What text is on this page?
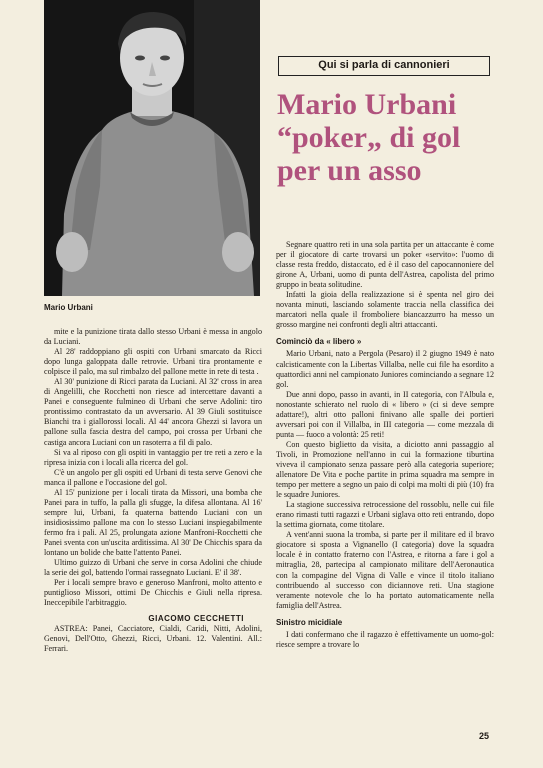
Mario Urbani

mite e la punizione tirata dallo stesso Urbani è messa in angolo da Luciani.

Al 28' raddoppiano gli ospiti con Urbani smarcato da Ricci dopo lunga galoppata dalle retrovie. Urbani tira prontamente e colpisce il palo, ma sul rimbalzo del pallone mette in rete di testa .

Al 30' punizione di Ricci parata da Luciani. Al 32' cross in area di Angelilli, che Rocchetti non riesce ad intercettare davanti a Panei e conseguente fulmineo di Urbani che serve Adolini: tiro prontissimo contrastato da un avversario. Al 39 Giuli sostituisce Bianchi tra i giallorossi locali. Al 44' ancora Ghezzi si lavora un pallone sulla fascia destra del campo, poi crossa per Urbani che castiga ancora Luciani con un rasoterra a fil di palo.

Si va al riposo con gli ospiti in vantaggio per tre reti a zero e la ripresa inizia con i locali alla ricerca del gol.

C'è un angolo per gli ospiti ed Urbani di testa serve Genovi che manca il pallone e l'occasione del gol.

Al 15' punizione per i locali tirata da Missori, una bomba che Panei para in tuffo, la palla gli sfugge, la difesa allontana. Al 16' sempre lui, Urbani, fa quaterna battendo Luciani con un insidiosissimo pallone ma con lo stesso Luciani inspiegabilmente fermo fra i pali. Al 25, prolungata azione Manfroni-Rocchetti che Panei sventa con un'uscita arditissima. Al 30' De Chicchis spara da lontano un bolide che batte l'attento Panei.

Ultimo guizzo di Urbani che serve in corsa Adolini che chiude la serie dei gol, battendo l'ormai rassegnato Luciani. E' il 38'.

Per i locali sempre bravo e generoso Manfroni, molto attento e puntiglioso Missori, ottimi De Chicchis e Giuli nella ripresa. Ineccepibile l'arbitraggio.

GIACOMO CECCHETTI

ASTREA: Panei, Cacciatore, Cialdi, Caridi, Nitti, Adolini, Genovi, Dell'Otto, Ghezzi, Ricci, Urbani. 12. Valentini. All.: Ferrari.

Qui si parla di cannonieri
Mario Urbani
“poker„ di gol
per un asso

Segnare quattro reti in una sola partita per un attaccante è come per il giocatore di carte trovarsi un poker «servito»: l'uomo di classe resta freddo, distaccato, ed è il caso del capocannoniere del girone A, Urbani, uomo di punta dell'Astrea, capolista del primo gruppo in beata solitudine.

Infatti la gioia della realizzazione si è spenta nel giro dei novanta minuti, lasciando solamente traccia nella classifica dei marcatori nella quale il fromboliere biancazzurro ha messo un grosso margine nei confronti degli altri attaccanti.

Cominciò da « libero »

Mario Urbani, nato a Pergola (Pesaro) il 2 giugno 1949 è nato calcisticamente con la Libertas Villalba, nelle cui file ha esordito a quattordici anni nel campionato Juniores cominciando a segnare 12 gol.

Due anni dopo, passo in avanti, in II categoria, con l'Albula e, nonostante schierato nel ruolo di « libero » (ci si deve sempre adattare!), altri otto palloni finivano alle spalle dei portieri avversari poi con il Villalba, in III categoria — come mezzala di punta — fuoco a volontà: 25 reti!

Con questo biglietto da visita, a diciotto anni passaggio al Tivoli, in Promozione nell'anno in cui la formazione tiburtina viveva il campionato senza passare però alla categoria superiore; allenatore De Vita e poche partite in prima squadra ma sempre in tempo per mettere a segno un paio di colpi ma molti di più (10) fra le squadre Juniores.

La stagione successiva retrocessione del rossoblu, nelle cui file erano rimasti tutti ragazzi e Urbani siglava otto reti entrando, dopo la settima giornata, come titolare.

A vent'anni suona la tromba, si parte per il militare ed il bravo giocatore si sposta a Vignanello (I categoria) dove la squadra locale è in contatto fraterno con l'Astrea, e ritorna a fare i gol a mitraglia, 28, partecipa al campionato militare dell'Aeronautica con la compagine del Vigna di Valle e vince il titolo italiano contribuendo al successo con diciannove reti. Una stagione veramente notevole che lo ha portato automaticamente nella famiglia dell'Astrea.

Sinistro micidiale

I dati confermano che il ragazzo è effettivamente un uomo-gol: riesce sempre a trovare lo

25
